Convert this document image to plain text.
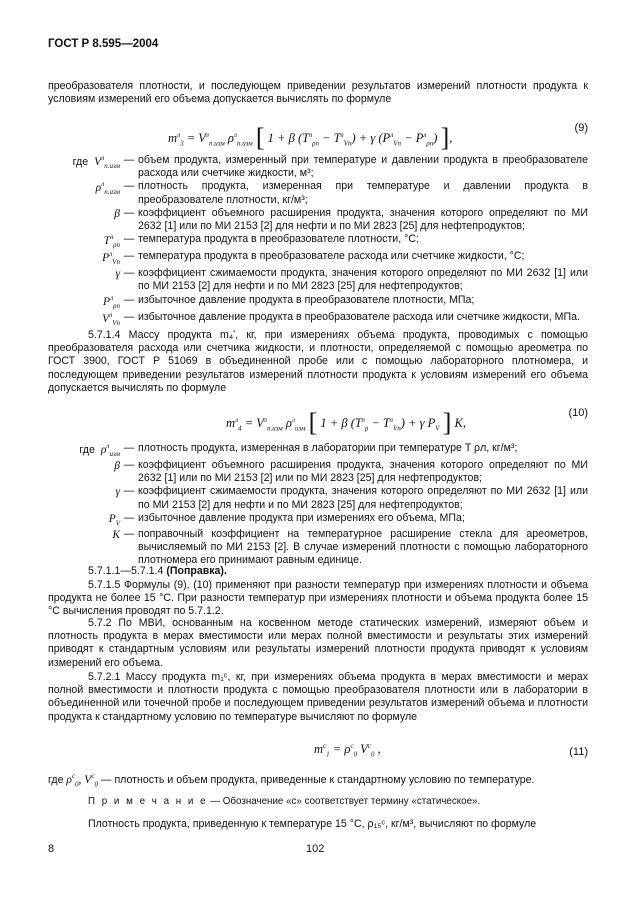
ГОСТ Р 8.595—2004
преобразователя плотности, и последующем приведении результатов измерений плотности продукта к условиям измерений его объема допускается вычислять по формуле
$m^л_3 = V^л_{п.изм}$ $\rho^л_{п.изм}$ [ 1 + β $(T^л_{\rho п} - T^л_{Vп}) + \gamma$ $(P^л_{Vп} - P^л_{\rho п})$ ],
(9)
где $V^л_{п.изм}$
— объем продукта, измеренный при температуре и давлении продукта в преобразователе расхода или счетчике жидкости, м³;
$\rho^л_{п.изм}$
— плотность продукта, измеренная при температуре и давлении продукта в преобразователе плотности, кг/м³;
β — коэффициент объемного расширения продукта, значения которого определяют по МИ 2632 [1] или по МИ 2153 [2] для нефти и по МИ 2823 [25] для нефтепродуктов;
$T^л_{\rho п}$
— температура продукта в преобразователе плотности, °С;
$P^л_{Vп}$
— температура продукта в преобразователе расхода или счетчике жидкости, °С;
γ — коэффициент сжимаемости продукта, значения которого определяют по МИ 2632 [1] или по МИ 2153 [2] для нефти и по МИ 2823 [25] для нефтепродуктов;
$P^л_{\rho п}$
— избыточное давление продукта в преобразователе плотности, МПа;
$V^л_{Vп}$
— избыточное давление продукта в преобразователе расхода или счетчике жидкости, МПа.
5.7.1.4 Массу продукта m₄ʹ, кг, при измерениях объема продукта, проводимых с помощью преобразователя расхода или счетчика жидкости, и плотности, определяемой с помощью ареометра по ГОСТ 3900, ГОСТ Р 51069 в объединенной пробе или с помощью лабораторного плотномера, и последующем приведении результатов измерений плотности продукта к условиям измерений его объема допускается вычислять по формуле
$m^л_4 = V^л_{п.изм}$ $\rho^л_{изм}$ [ 1 + β $(T^л_\rho - T^л_{Vп}) + \gamma$ $P_V$ ] K,
(10)
где $\rho^л_{изм}$
— плотность продукта, измеренная в лаборатории при температуре T ρл, кг/м³;
β — коэффициент объемного расширения продукта, значения которого определяют по МИ 2632 [1] или по МИ 2153 [2] или по МИ 2823 [25] для нефтепродуктов;
γ — коэффициент сжимаемости продукта, значения которого определяют по МИ 2632 [1] или по МИ 2153 [2] для нефти и по МИ 2823 [25] для нефтепродуктов;
$P_V$ — избыточное давление продукта при измерениях его объема, МПа;
K — поправочный коэффициент на температурное расширение стекла для ареометров, вычисляемый по МИ 2153 [2]. В случае измерений плотности с помощью лабораторного плотномера его принимают равным единице.
5.7.1.1—5.7.1.4 (Поправка).
5.7.1.5 Формулы (9), (10) применяют при разности температур при измерениях плотности и объема продукта не более 15 °С. При разности температур при измерениях плотности и объема продукта более 15 °С вычисления проводят по 5.7.1.2.
5.7.2 По МВИ, основанным на косвенном методе статических измерений, измеряют объем и плотность продукта в мерах вместимости или мерах полной вместимости и результаты этих измерений приводят к стандартным условиям или результаты измерений плотности продукта приводят к условиям измерений его объема.
5.7.2.1 Массу продукта m₁ᶜ, кг, при измерениях объема продукта в мерах вместимости и мерах полной вместимости и плотности продукта с помощью преобразователя плотности или в лаборатории в объединенной или точечной пробе и последующем приведении результатов измерений объема и плотности продукта к стандартному условию по температуре вычисляют по формуле
$m^с_1 = \rho^с_0$ $V^с_0$ ,	(11)
где $\rho^с_0$, $V^с_0$ — плотность и объем продукта, приведенные к стандартному условию по температуре.
П р и м е ч а н и е — Обозначение «с» соответствует термину «статическое».
Плотность продукта, приведенную к температуре 15 °С, ρ₁₅ᶜ, кг/м³, вычисляют по формуле
8	102
